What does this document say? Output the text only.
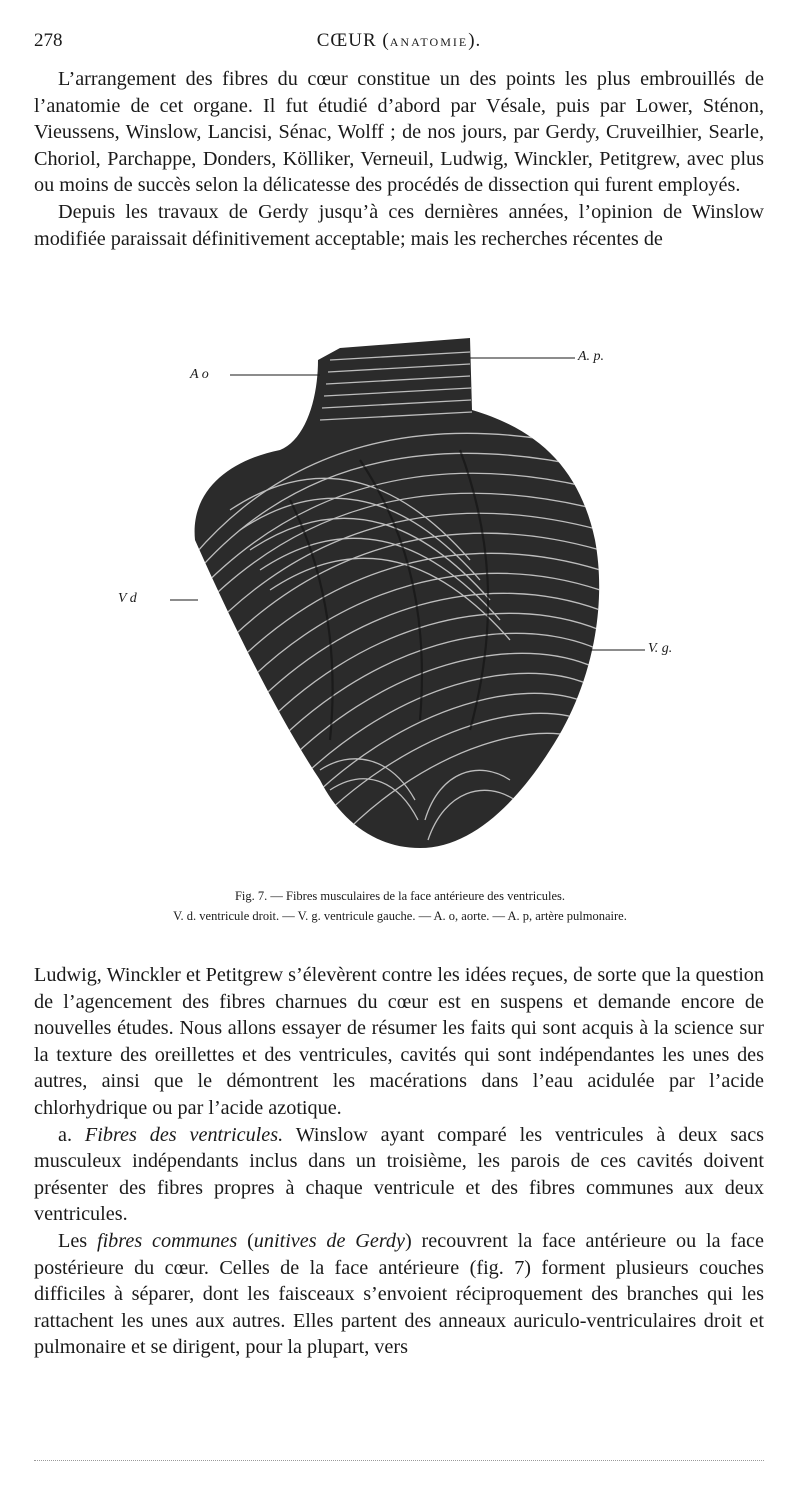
278	CŒUR (ANATOMIE).

L’arrangement des fibres du cœur constitue un des points les plus embrouillés de l’anatomie de cet organe. Il fut étudié d’abord par Vésale, puis par Lower, Sténon, Vieussens, Winslow, Lancisi, Sénac, Wolff ; de nos jours, par Gerdy, Cruveilhier, Searle, Choriol, Parchappe, Donders, Kölliker, Verneuil, Ludwig, Winckler, Petitgrew, avec plus ou moins de succès selon la délicatesse des procédés de dissection qui furent employés.

Depuis les travaux de Gerdy jusqu’à ces dernières années, l’opinion de Winslow modifiée paraissait définitivement acceptable; mais les recherches récentes de

A o
A. p.
V d
V. g.
Fig. 7. — Fibres musculaires de la face antérieure des ventricules.
V. d. ventricule droit. — V. g. ventricule gauche. — A. o, aorte. — A. p, artère pulmonaire.

Ludwig, Winckler et Petitgrew s’élevèrent contre les idées reçues, de sorte que la question de l’agencement des fibres charnues du cœur est en suspens et demande encore de nouvelles études. Nous allons essayer de résumer les faits qui sont acquis à la science sur la texture des oreillettes et des ventricules, cavités qui sont indépendantes les unes des autres, ainsi que le démontrent les macérations dans l’eau acidulée par l’acide chlorhydrique ou par l’acide azotique.

a. Fibres des ventricules. Winslow ayant comparé les ventricules à deux sacs musculeux indépendants inclus dans un troisième, les parois de ces cavités doivent présenter des fibres propres à chaque ventricule et des fibres communes aux deux ventricules.

Les fibres communes (unitives de Gerdy) recouvrent la face antérieure ou la face postérieure du cœur. Celles de la face antérieure (fig. 7) forment plusieurs couches difficiles à séparer, dont les faisceaux s’envoient réciproquement des branches qui les rattachent les unes aux autres. Elles partent des anneaux auriculo-ventriculaires droit et pulmonaire et se dirigent, pour la plupart, vers
